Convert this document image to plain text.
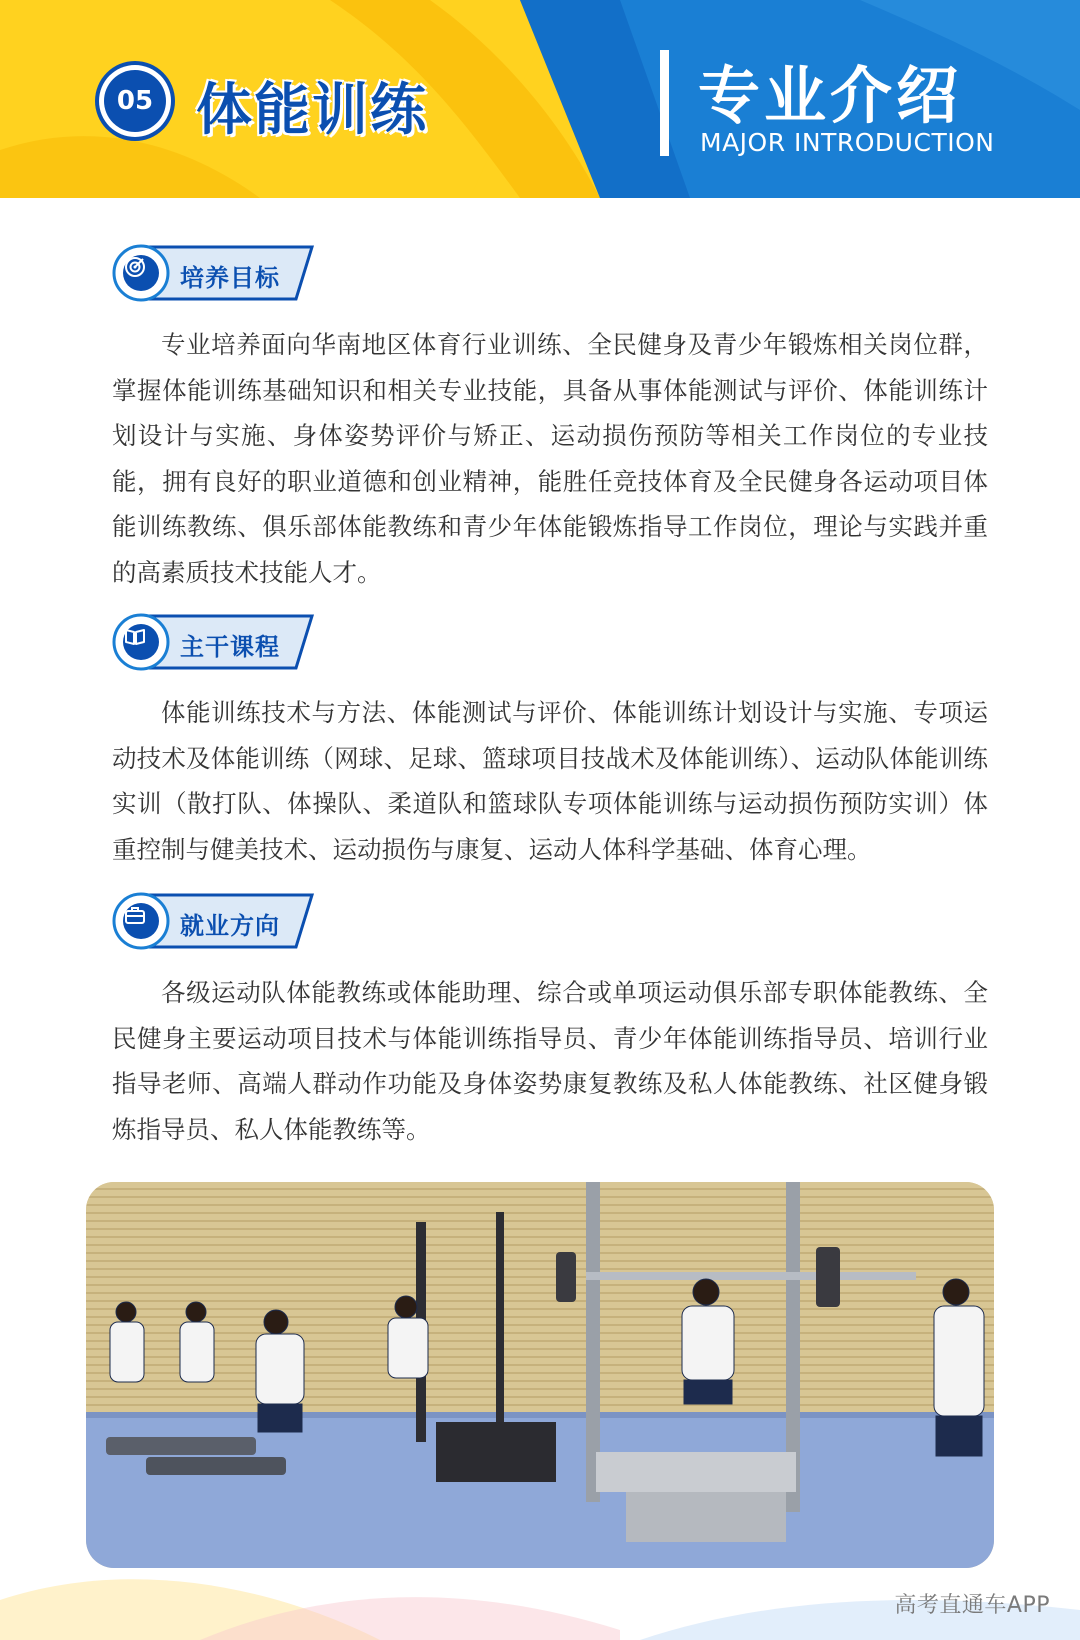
05 体能训练	专业介绍
MAJOR INTRODUCTION
培养目标

专业培养面向华南地区体育行业训练、全民健身及青少年锻炼相关岗位群，掌握体能训练基础知识和相关专业技能，具备从事体能测试与评价、体能训练计划设计与实施、身体姿势评价与矫正、运动损伤预防等相关工作岗位的专业技能，拥有良好的职业道德和创业精神，能胜任竞技体育及全民健身各运动项目体能训练教练、俱乐部体能教练和青少年体能锻炼指导工作岗位，理论与实践并重的高素质技术技能人才。

主干课程

体能训练技术与方法、体能测试与评价、体能训练计划设计与实施、专项运动技术及体能训练（网球、足球、篮球项目技战术及体能训练）、运动队体能训练实训（散打队、体操队、柔道队和篮球队专项体能训练与运动损伤预防实训）体重控制与健美技术、运动损伤与康复、运动人体科学基础、体育心理。

就业方向

各级运动队体能教练或体能助理、综合或单项运动俱乐部专职体能教练、全民健身主要运动项目技术与体能训练指导员、青少年体能训练指导员、培训行业指导老师、高端人群动作功能及身体姿势康复教练及私人体能教练、社区健身锻炼指导员、私人体能教练等。

高考直通车APP
